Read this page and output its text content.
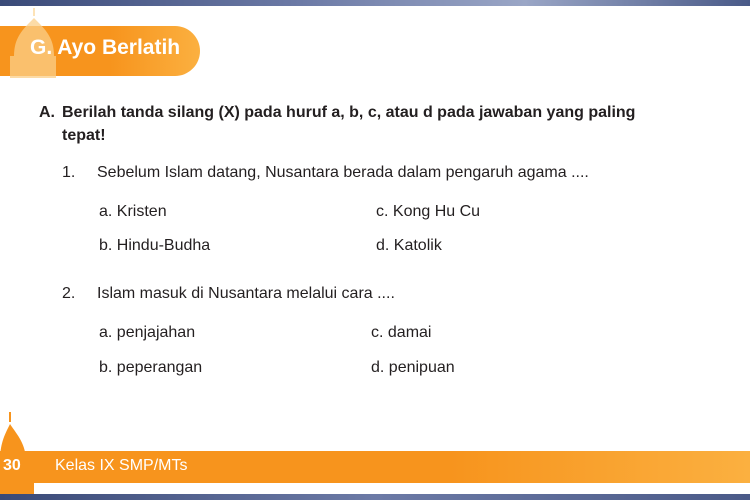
G. Ayo Berlatih
A. Berilah tanda silang (X) pada huruf a, b, c, atau d pada jawaban yang paling tepat!
1. Sebelum Islam datang, Nusantara berada dalam pengaruh agama ....
a. Kristen
b. Hindu-Budha
c. Kong Hu Cu
d. Katolik
2. Islam masuk di Nusantara melalui cara ....
a. penjajahan
b. peperangan
c. damai
d. penipuan
30 Kelas IX SMP/MTs
